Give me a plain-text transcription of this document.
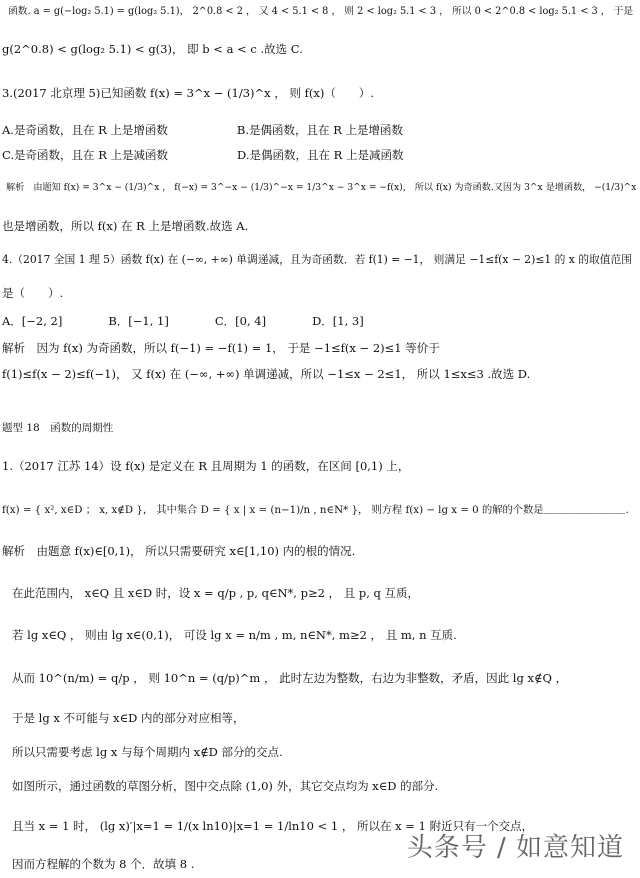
函数. a = g(−log₂ 5.1) = g(log₂ 5.1)， 2^0.8 < 2 ， 又 4 < 5.1 < 8 ， 则 2 < log₂ 5.1 < 3 ， 所以 0 < 2^0.8 < log₂ 5.1 < 3 ， 于是
g(2^0.8) < g(log₂ 5.1) < g(3)， 即 b < a < c .故选 C.
3.(2017 北京理 5)已知函数 f(x) = 3^x − (1/3)^x ， 则 f(x)（　　）.
A.是奇函数，且在 R 上是增函数　　　　　　B.是偶函数，且在 R 上是增函数
C.是奇函数，且在 R 上是减函数　　　　　　D.是偶函数，且在 R 上是减函数
解析　由题知 f(x) = 3^x − (1/3)^x ， f(−x) = 3^−x − (1/3)^−x = 1/3^x − 3^x = −f(x)， 所以 f(x) 为奇函数.又因为 3^x 是增函数， −(1/3)^x
也是增函数，所以 f(x) 在 R 上是增函数.故选 A.
4.（2017 全国 1 理 5）函数 f(x) 在 (−∞, +∞) 单调递减，且为奇函数．若 f(1) = −1， 则满足 −1≤f(x − 2)≤1 的 x 的取值范围
是（　　）.
A．[−2, 2]　　　　B．[−1, 1]　　　　C．[0, 4]　　　　D．[1, 3]
解析　因为 f(x) 为奇函数，所以 f(−1) = −f(1) = 1， 于是 −1≤f(x − 2)≤1 等价于
f(1)≤f(x − 2)≤f(−1)， 又 f(x) 在 (−∞, +∞) 单调递减，所以 −1≤x − 2≤1， 所以 1≤x≤3 .故选 D.
题型 18　函数的周期性
1.（2017 江苏 14）设 f(x) 是定义在 R 且周期为 1 的函数，在区间 [0,1) 上，
f(x) = { x², x∈D ； x, x∉D }， 其中集合 D = { x | x = (n−1)/n , n∈N* }， 则方程 f(x) − lg x = 0 的解的个数是＿＿＿＿＿＿＿＿.
解析　由题意 f(x)∈[0,1)， 所以只需要研究 x∈[1,10) 内的根的情况.
在此范围内， x∈Q 且 x∈D 时，设 x = q/p , p, q∈N*, p≥2 ， 且 p, q 互质，
若 lg x∈Q ， 则由 lg x∈(0,1)， 可设 lg x = n/m , m, n∈N*, m≥2 ， 且 m, n 互质.
从而 10^(n/m) = q/p ， 则 10^n = (q/p)^m ， 此时左边为整数，右边为非整数，矛盾，因此 lg x∉Q ，
于是 lg x 不可能与 x∈D 内的部分对应相等，
所以只需要考虑 lg x 与每个周期内 x∉D 部分的交点.
如图所示，通过函数的草图分析，图中交点除 (1,0) 外，其它交点均为 x∈D 的部分.
且当 x = 1 时， (lg x)′|x=1 = 1/(x ln10)|x=1 = 1/ln10 < 1 ， 所以在 x = 1 附近只有一个交点，
因而方程解的个数为 8 个．故填 8 .
头条号 / 如意知道
